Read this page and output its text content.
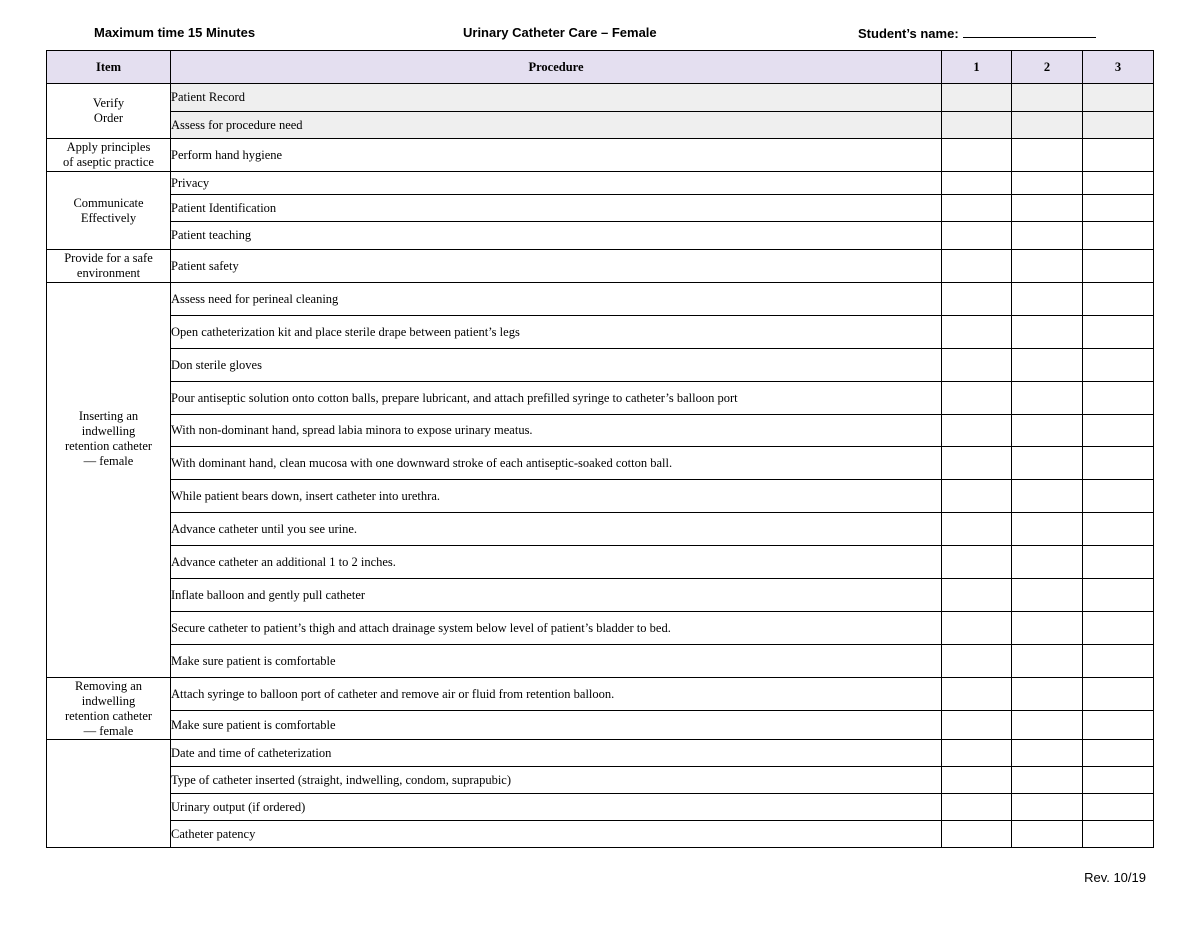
Maximum time 15 Minutes	Urinary Catheter Care – Female	Student’s name:
Item	Procedure	1	2	3
Verify
Order	Patient Record			
	Assess for procedure need			
Apply principles
of aseptic practice	Perform hand hygiene			
Communicate
Effectively	Privacy			
	Patient Identification			
	Patient teaching			
Provide for a safe
environment	Patient safety			
Inserting an
indwelling
retention catheter
— female	Assess need for perineal cleaning			
	Open catheterization kit and place sterile drape between patient’s legs			
	Don sterile gloves			
	Pour antiseptic solution onto cotton balls, prepare lubricant, and attach prefilled syringe to catheter’s balloon port			
	With non-dominant hand, spread labia minora to expose urinary meatus.			
	With dominant hand, clean mucosa with one downward stroke of each antiseptic-soaked cotton ball.			
	While patient bears down, insert catheter into urethra.			
	Advance catheter until you see urine.			
	Advance catheter an additional 1 to 2 inches.			
	Inflate balloon and gently pull catheter			
	Secure catheter to patient’s thigh and attach drainage system below level of patient’s bladder to bed.			
	Make sure patient is comfortable			
Removing an
indwelling
retention catheter
— female	Attach syringe to balloon port of catheter and remove air or fluid from retention balloon.			
	Make sure patient is comfortable			
	Date and time of catheterization			
	Type of catheter inserted (straight, indwelling, condom, suprapubic)			
	Urinary output (if ordered)			
	Catheter patency			
Rev. 10/19
